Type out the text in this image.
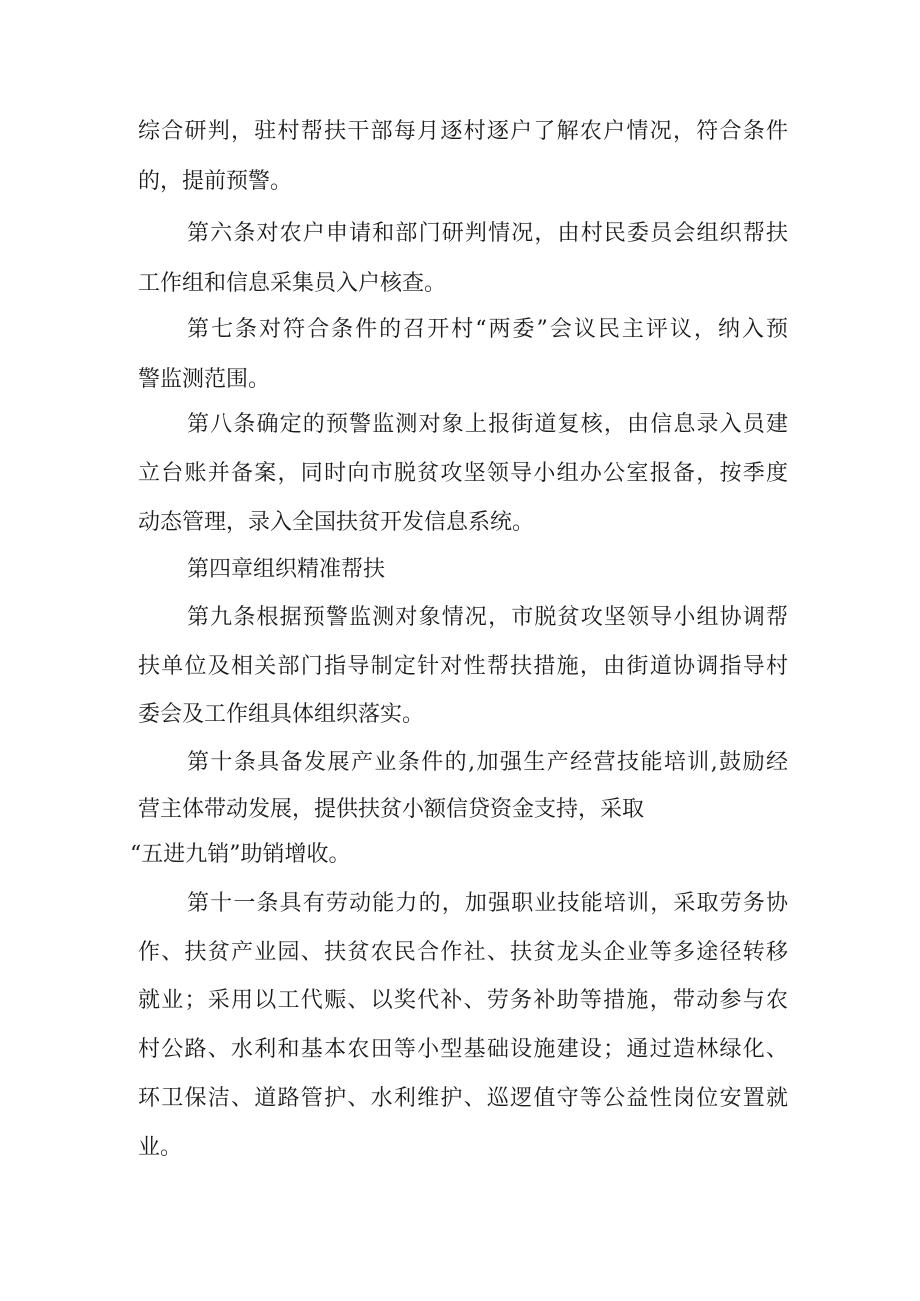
综合研判，驻村帮扶干部每月逐村逐户了解农户情况，符合条件
的，提前预警。
第六条对农户申请和部门研判情况，由村民委员会组织帮扶
工作组和信息采集员入户核查。
第七条对符合条件的召开村“两委”会议民主评议，纳入预
警监测范围。
第八条确定的预警监测对象上报街道复核，由信息录入员建
立台账并备案，同时向市脱贫攻坚领导小组办公室报备，按季度
动态管理，录入全国扶贫开发信息系统。
第四章组织精准帮扶
第九条根据预警监测对象情况，市脱贫攻坚领导小组协调帮
扶单位及相关部门指导制定针对性帮扶措施，由街道协调指导村
委会及工作组具体组织落实。
第十条具备发展产业条件的,加强生产经营技能培训,鼓励经
营主体带动发展，提供扶贫小额信贷资金支持，采取
“五进九销”助销增收。
第十一条具有劳动能力的，加强职业技能培训，采取劳务协
作、扶贫产业园、扶贫农民合作社、扶贫龙头企业等多途径转移
就业；采用以工代赈、以奖代补、劳务补助等措施，带动参与农
村公路、水利和基本农田等小型基础设施建设；通过造林绿化、
环卫保洁、道路管护、水利维护、巡逻值守等公益性岗位安置就
业。
